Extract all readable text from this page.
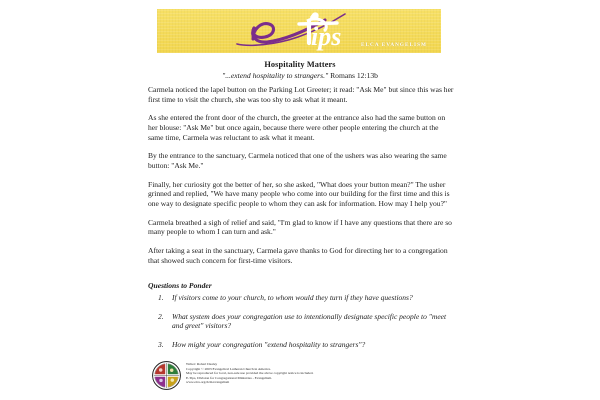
ips	ELCA EVANGELISM
Hospitality Matters
"...extend hospitality to strangers." Romans 12:13b

Carmela noticed the lapel button on the Parking Lot Greeter; it read: "Ask Me" but since this was her first time to visit the church, she was too shy to ask what it meant.

As she entered the front door of the church, the greeter at the entrance also had the same button on her blouse: "Ask Me" but once again, because there were other people entering the church at the same time, Carmela was reluctant to ask what it meant.

By the entrance to the sanctuary, Carmela noticed that one of the ushers was also wearing the same button: "Ask Me."

Finally, her curiosity got the better of her, so she asked, "What does your button mean?" The usher grinned and replied, "We have many people who come into our building for the first time and this is one way to designate specific people to whom they can ask for information. How may I help you?"

Carmela breathed a sigh of relief and said, "I'm glad to know if I have any questions that there are so many people to whom I can turn and ask."

After taking a seat in the sanctuary, Carmela gave thanks to God for directing her to a congregation that showed such concern for first-time visitors.

Questions to Ponder
1. If visitors come to your church, to whom would they turn if they have questions?
2. What system does your congregation use to intentionally designate specific people to "meet and greet" visitors?
3. How might your congregation "extend hospitality to strangers"?
Writer: Robert Dealey
Copyright © 2003 Evangelical Lutheran Church in America.
May be reproduced for local, non-sale use provided the above copyright notice is included.
E-Tips, Division for Congregational Ministries - Evangelism.
www.elca.org/dcm/evangelism
